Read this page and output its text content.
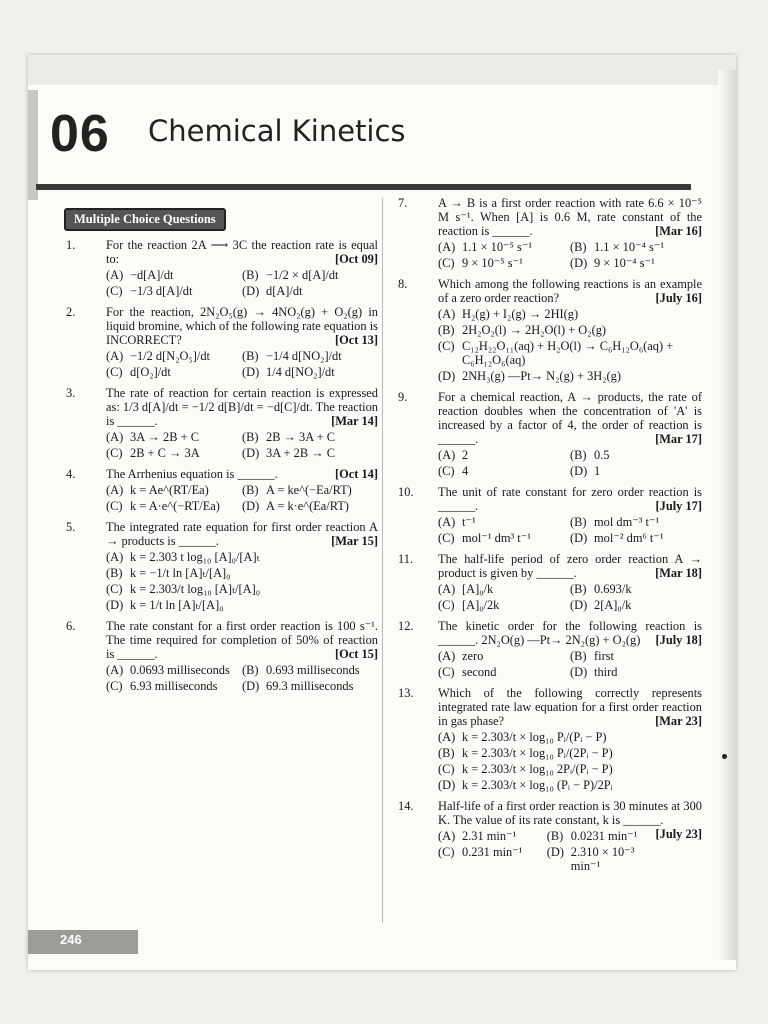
06 Chemical Kinetics
Multiple Choice Questions
1.	For the reaction 2A ⟶ 3C the reaction rate is equal to:	[Oct 09]
(A) −d[A]/dt	(B) −1/2 × d[A]/dt
(C) −1/3 d[A]/dt	(D) d[A]/dt
2.	For the reaction, 2N₂O₅(g) → 4NO₂(g) + O₂(g) in liquid bromine, which of the following rate equation is INCORRECT?	[Oct 13]
(A) −1/2 d[N₂O₅]/dt	(B) −1/4 d[NO₂]/dt
(C) d[O₂]/dt	(D) 1/4 d[NO₂]/dt
3.	The rate of reaction for certain reaction is expressed as: 1/3 d[A]/dt = −1/2 d[B]/dt = −d[C]/dt. The reaction is ______.	[Mar 14]
(A) 3A → 2B + C	(B) 2B → 3A + C
(C) 2B + C → 3A	(D) 3A + 2B → C
4.	The Arrhenius equation is ______.	[Oct 14]
(A) k = Ae^(RT/Ea)	(B) A = ke^(−Ea/RT)
(C) k = A·e^(−RT/Ea)	(D) A = k·e^(Ea/RT)
5.	The integrated rate equation for first order reaction A → products is ______.	[Mar 15]
(A) k = 2.303 t log₁₀ [A]₀/[A]ₜ
(B) k = −1/t ln [A]ₜ/[A]₀
(C) k = 2.303/t log₁₀ [A]ₜ/[A]₀
(D) k = 1/t ln [A]ₜ/[A]₀
6.	The rate constant for a first order reaction is 100 s⁻¹. The time required for completion of 50% of reaction is ______.	[Oct 15]
(A) 0.0693 milliseconds (B) 0.693 milliseconds
(C) 6.93 milliseconds	(D) 69.3 milliseconds
7.	A → B is a first order reaction with rate 6.6 × 10⁻⁵ M s⁻¹. When [A] is 0.6 M, rate constant of the reaction is ______.	[Mar 16]
(A) 1.1 × 10⁻⁵ s⁻¹	(B) 1.1 × 10⁻⁴ s⁻¹
(C) 9 × 10⁻⁵ s⁻¹	(D) 9 × 10⁻⁴ s⁻¹
8.	Which among the following reactions is an example of a zero order reaction?	[July 16]
(A) H₂(g) + I₂(g) → 2HI(g)
(B) 2H₂O₂(l) → 2H₂O(l) + O₂(g)
(C) C₁₂H₂₂O₁₁(aq) + H₂O(l) → C₆H₁₂O₆(aq) + C₆H₁₂O₆(aq)
(D) 2NH₃(g) —Pt→ N₂(g) + 3H₂(g)
9.	For a chemical reaction, A → products, the rate of reaction doubles when the concentration of 'A' is increased by a factor of 4, the order of reaction is ______.	[Mar 17]
(A) 2	(B) 0.5
(C) 4	(D) 1
10.	The unit of rate constant for zero order reaction is ______.	[July 17]
(A) t⁻¹	(B) mol dm⁻³ t⁻¹
(C) mol⁻¹ dm³ t⁻¹	(D) mol⁻² dm⁶ t⁻¹
11.	The half-life period of zero order reaction A → product is given by ______.	[Mar 18]
(A) [A]₀/k	(B) 0.693/k
(C) [A]₀/2k	(D) 2[A]₀/k
12.	The kinetic order for the following reaction is ______. 2N₂O(g) —Pt→ 2N₂(g) + O₂(g) [July 18]
(A) zero	(B) first
(C) second	(D) third
13.	Which of the following correctly represents integrated rate law equation for a first order reaction in gas phase?	[Mar 23]
(A) k = 2.303/t × log₁₀ Pᵢ/(Pᵢ − P)
(B) k = 2.303/t × log₁₀ Pᵢ/(2Pᵢ − P)
(C) k = 2.303/t × log₁₀ 2Pᵢ/(Pᵢ − P)
(D) k = 2.303/t × log₁₀ (Pᵢ − P)/2Pᵢ
14.	Half-life of a first order reaction is 30 minutes at 300 K. The value of its rate constant, k is ______.
[July 23]
(A) 2.31 min⁻¹	(B) 0.0231 min⁻¹
(C) 0.231 min⁻¹	(D) 2.310 × 10⁻³ min⁻¹
246
